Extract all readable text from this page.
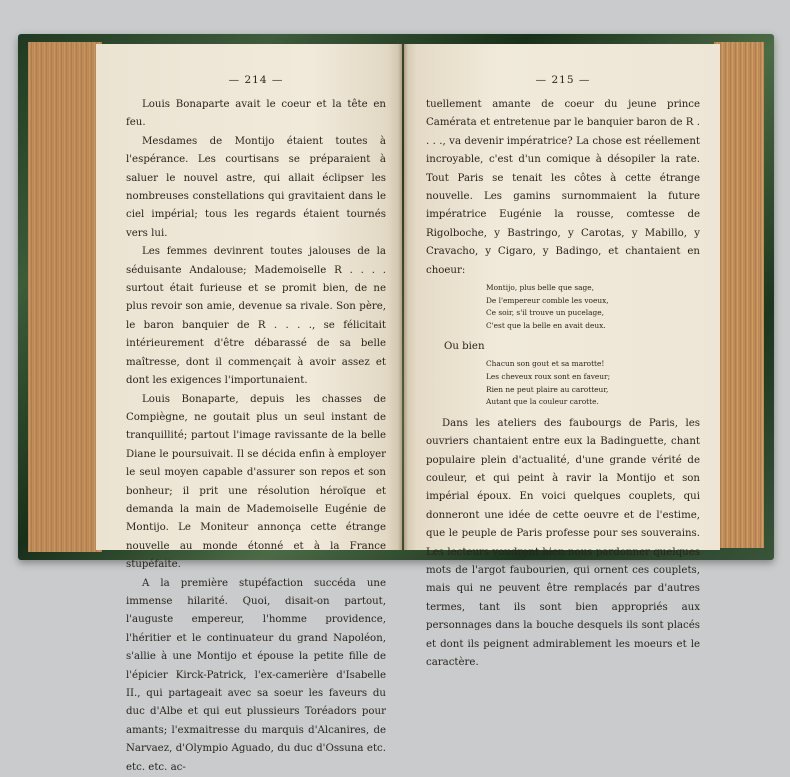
— 214 —

Louis Bonaparte avait le coeur et la tête en feu.

Mesdames de Montijo étaient toutes à l'espérance. Les courtisans se préparaient à saluer le nouvel astre, qui allait éclipser les nombreuses constellations qui gravitaient dans le ciel impérial; tous les regards étaient tournés vers lui.

Les femmes devinrent toutes jalouses de la séduisante Andalouse; Mademoiselle R . . . . surtout était furieuse et se promit bien, de ne plus revoir son amie, devenue sa rivale. Son père, le baron banquier de R . . . ., se félicitait intérieurement d'être débarassé de sa belle maîtresse, dont il commençait à avoir assez et dont les exigences l'importunaient.

Louis Bonaparte, depuis les chasses de Compiègne, ne goutait plus un seul instant de tranquillité; partout l'image ravissante de la belle Diane le poursuivait. Il se décida enfin à employer le seul moyen capable d'assurer son repos et son bonheur; il prit une résolution héroïque et demanda la main de Mademoiselle Eugénie de Montijo. Le Moniteur annonça cette étrange nouvelle au monde étonné et à la France stupéfaite.

A la première stupéfaction succéda une immense hilarité. Quoi, disait-on partout, l'auguste empereur, l'homme providence, l'héritier et le continuateur du grand Napoléon, s'allie à une Montijo et épouse la petite fille de l'épicier Kirck-Patrick, l'ex-camerière d'Isabelle II., qui partageait avec sa soeur les faveurs du duc d'Albe et qui eut plussieurs Toréadors pour amants; l'exmaitresse du marquis d'Alcanires, de Narvaez, d'Olympio Aguado, du duc d'Ossuna etc. etc. etc. ac-

— 215 —

tuellement amante de coeur du jeune prince Camérata et entretenue par le banquier baron de R . . . ., va devenir impératrice? La chose est réellement incroyable, c'est d'un comique à désopiler la rate. Tout Paris se tenait les côtes à cette étrange nouvelle. Les gamins surnommaient la future impératrice Eugénie la rousse, comtesse de Rigolboche, y Bastringo, y Carotas, y Mabillo, y Cravacho, y Cigaro, y Badingo, et chantaient en choeur:

Montijo, plus belle que sage,
De l'empereur comble les voeux,
Ce soir, s'il trouve un pucelage,
C'est que la belle en avait deux.
Ou bien
Chacun son gout et sa marotte!
Les cheveux roux sont en faveur;
Rien ne peut plaire au carotteur,
Autant que la couleur carotte.

Dans les ateliers des faubourgs de Paris, les ouvriers chantaient entre eux la Badinguette, chant populaire plein d'actualité, d'une grande vérité de couleur, et qui peint à ravir la Montijo et son impérial époux. En voici quelques couplets, qui donneront une idée de cette oeuvre et de l'estime, que le peuple de Paris professe pour ses souverains. Les lecteurs voudront bien nous pardonner quelques mots de l'argot faubourien, qui ornent ces couplets, mais qui ne peuvent être remplacés par d'autres termes, tant ils sont bien appropriés aux personnages dans la bouche desquels ils sont placés et dont ils peignent admirablement les moeurs et le caractère.
